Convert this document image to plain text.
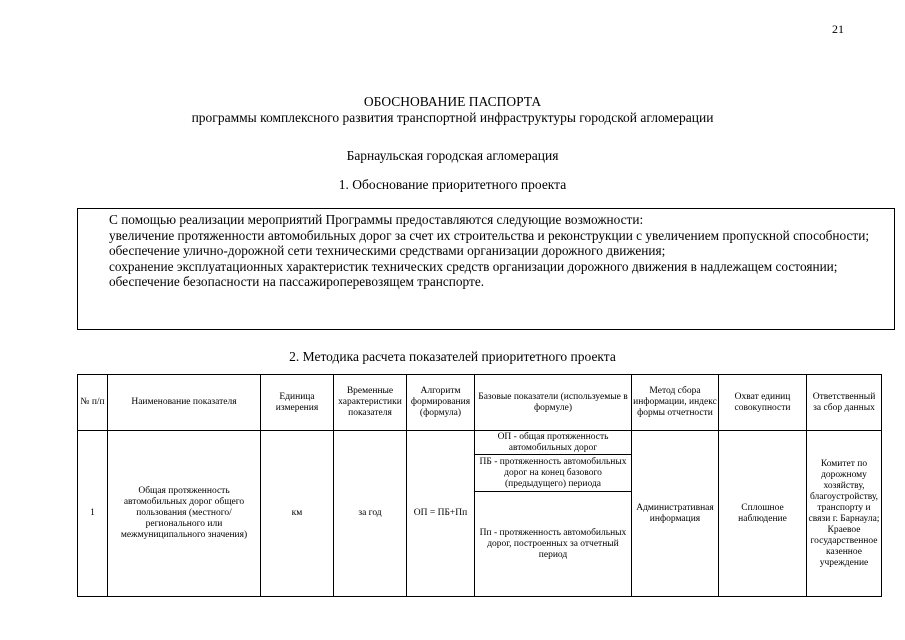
21
ОБОСНОВАНИЕ ПАСПОРТА
программы комплексного развития транспортной инфраструктуры городской агломерации
Барнаульская городская агломерация
1. Обоснование приоритетного проекта

С помощью реализации мероприятий Программы предоставляются следующие возможности:

увеличение протяженности автомобильных дорог за счет их строительства и реконструкции с увеличением пропускной способности;

обеспечение улично-дорожной сети техническими средствами организации дорожного движения;

сохранение эксплуатационных характеристик технических средств организации дорожного движения в надлежащем состоянии;

обеспечение безопасности на пассажироперевозящем транспорте.

2. Методика расчета показателей приоритетного проекта
№ п/п	Наименование показателя	Единица измерения	Временные характеристики показателя	Алгоритм формирования (формула)	Базовые показатели (используемые в формуле)	Метод сбора информации, индекс формы отчетности	Охват единиц совокупности	Ответственный за сбор данных
1	Общая протяженность автомобильных дорог общего пользования (местного/регионального или межмуниципального значения)	км	за год	ОП = ПБ+Пп	ОП - общая протяженность автомобильных дорог	Административная информация	Сплошное наблюдение	Комитет по дорожному хозяйству, благоустройству, транспорту и связи г. Барнаула; Краевое государственное казенное учреждение
					ПБ - протяженность автомобильных дорог на конец базового (предыдущего) периода			
					Пп - протяженность автомобильных дорог, построенных за отчетный период			
